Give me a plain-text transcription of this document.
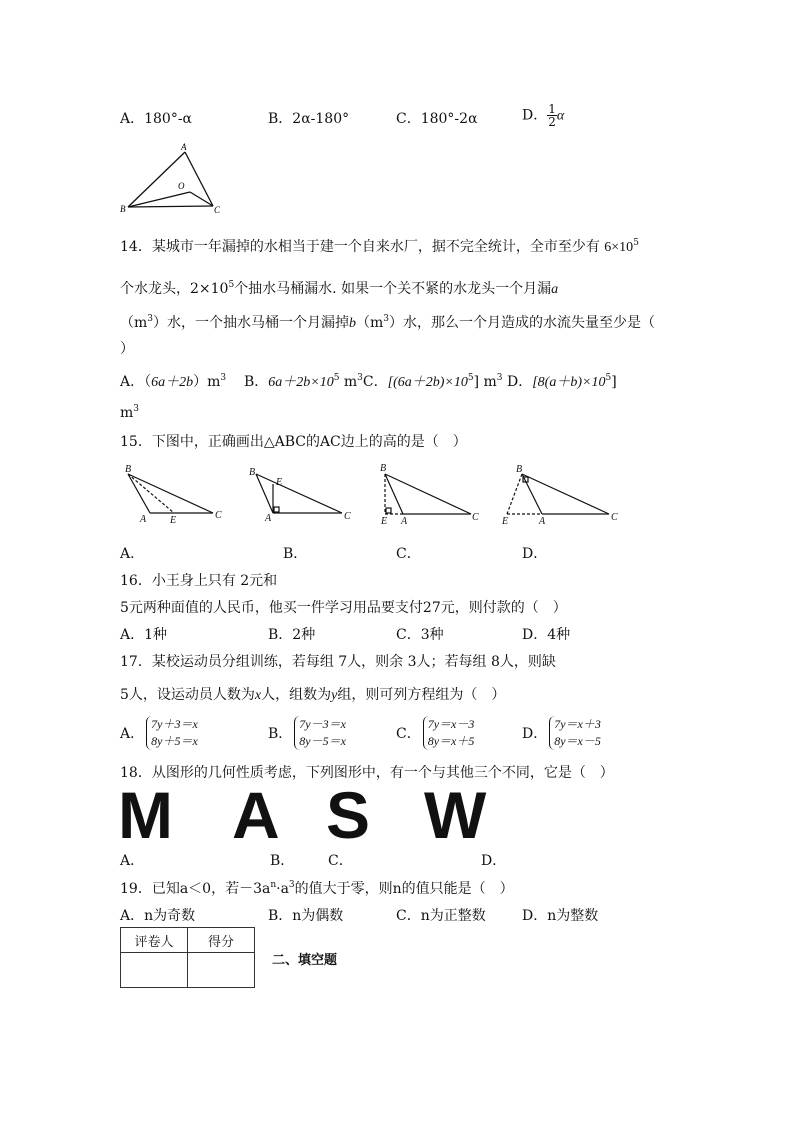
A．180°-α	B．2α-180°	C．180°-2α	D． $\frac{1}{2}$ α
A
O
B	C
14．某城市一年漏掉的水相当于建一个自来水厂，据不完全统计，全市至少有 $6\times 10^5$
个水龙头，$2\times 10^5$个抽水马桶漏水. 如果一个关不紧的水龙头一个月漏a
$(m^3)$水，一个抽水马桶一个月漏掉$b(m^3)$水，那么一个月造成的水流失量至少是（
）
A．$(6a+2b)m^3$ B．$6a+2b\times 10^5$ $m^3C$．$[(6a+2b)\times 10^5]$ $m^3$ D．$[8(a+b)\times 10^5]$
$m^3$
15．下图中，正确画出△ABC的AC边上的高的是（　）
B
A E	C
B
E
A	C
B
E A	C
B
E	A	C
A．	B．	C．	D．
16．小王身上只有 2元和
5元两种面值的人民币，他买一件学习用品要支付27元，则付款的（　）
A．1种	B．2种	C．3种	D．4种
17．某校运动员分组训练，若每组 7人，则余 3人；若每组 8人，则缺
5人，设运动员人数为x人，组数为y组，则可列方程组为（　）
A．7y＋3＝x
8y＋5＝x	B．7y－3＝x
8y－5＝x	C．7y＝x－3
8y＝x＋5	D．7y＝x＋3
8y＝x－5
18．从图形的几何性质考虑，下列图形中，有一个与其他三个不同，它是（　）
M A S W
A．	B． C．	D．
19．已知a＜0，若$-3a^n\cdot a^3$的值大于零，则n的值只能是（　）
A．n为奇数	B．n为偶数	C．n为正整数	D．n为整数
评卷人	得分

二、填空题
